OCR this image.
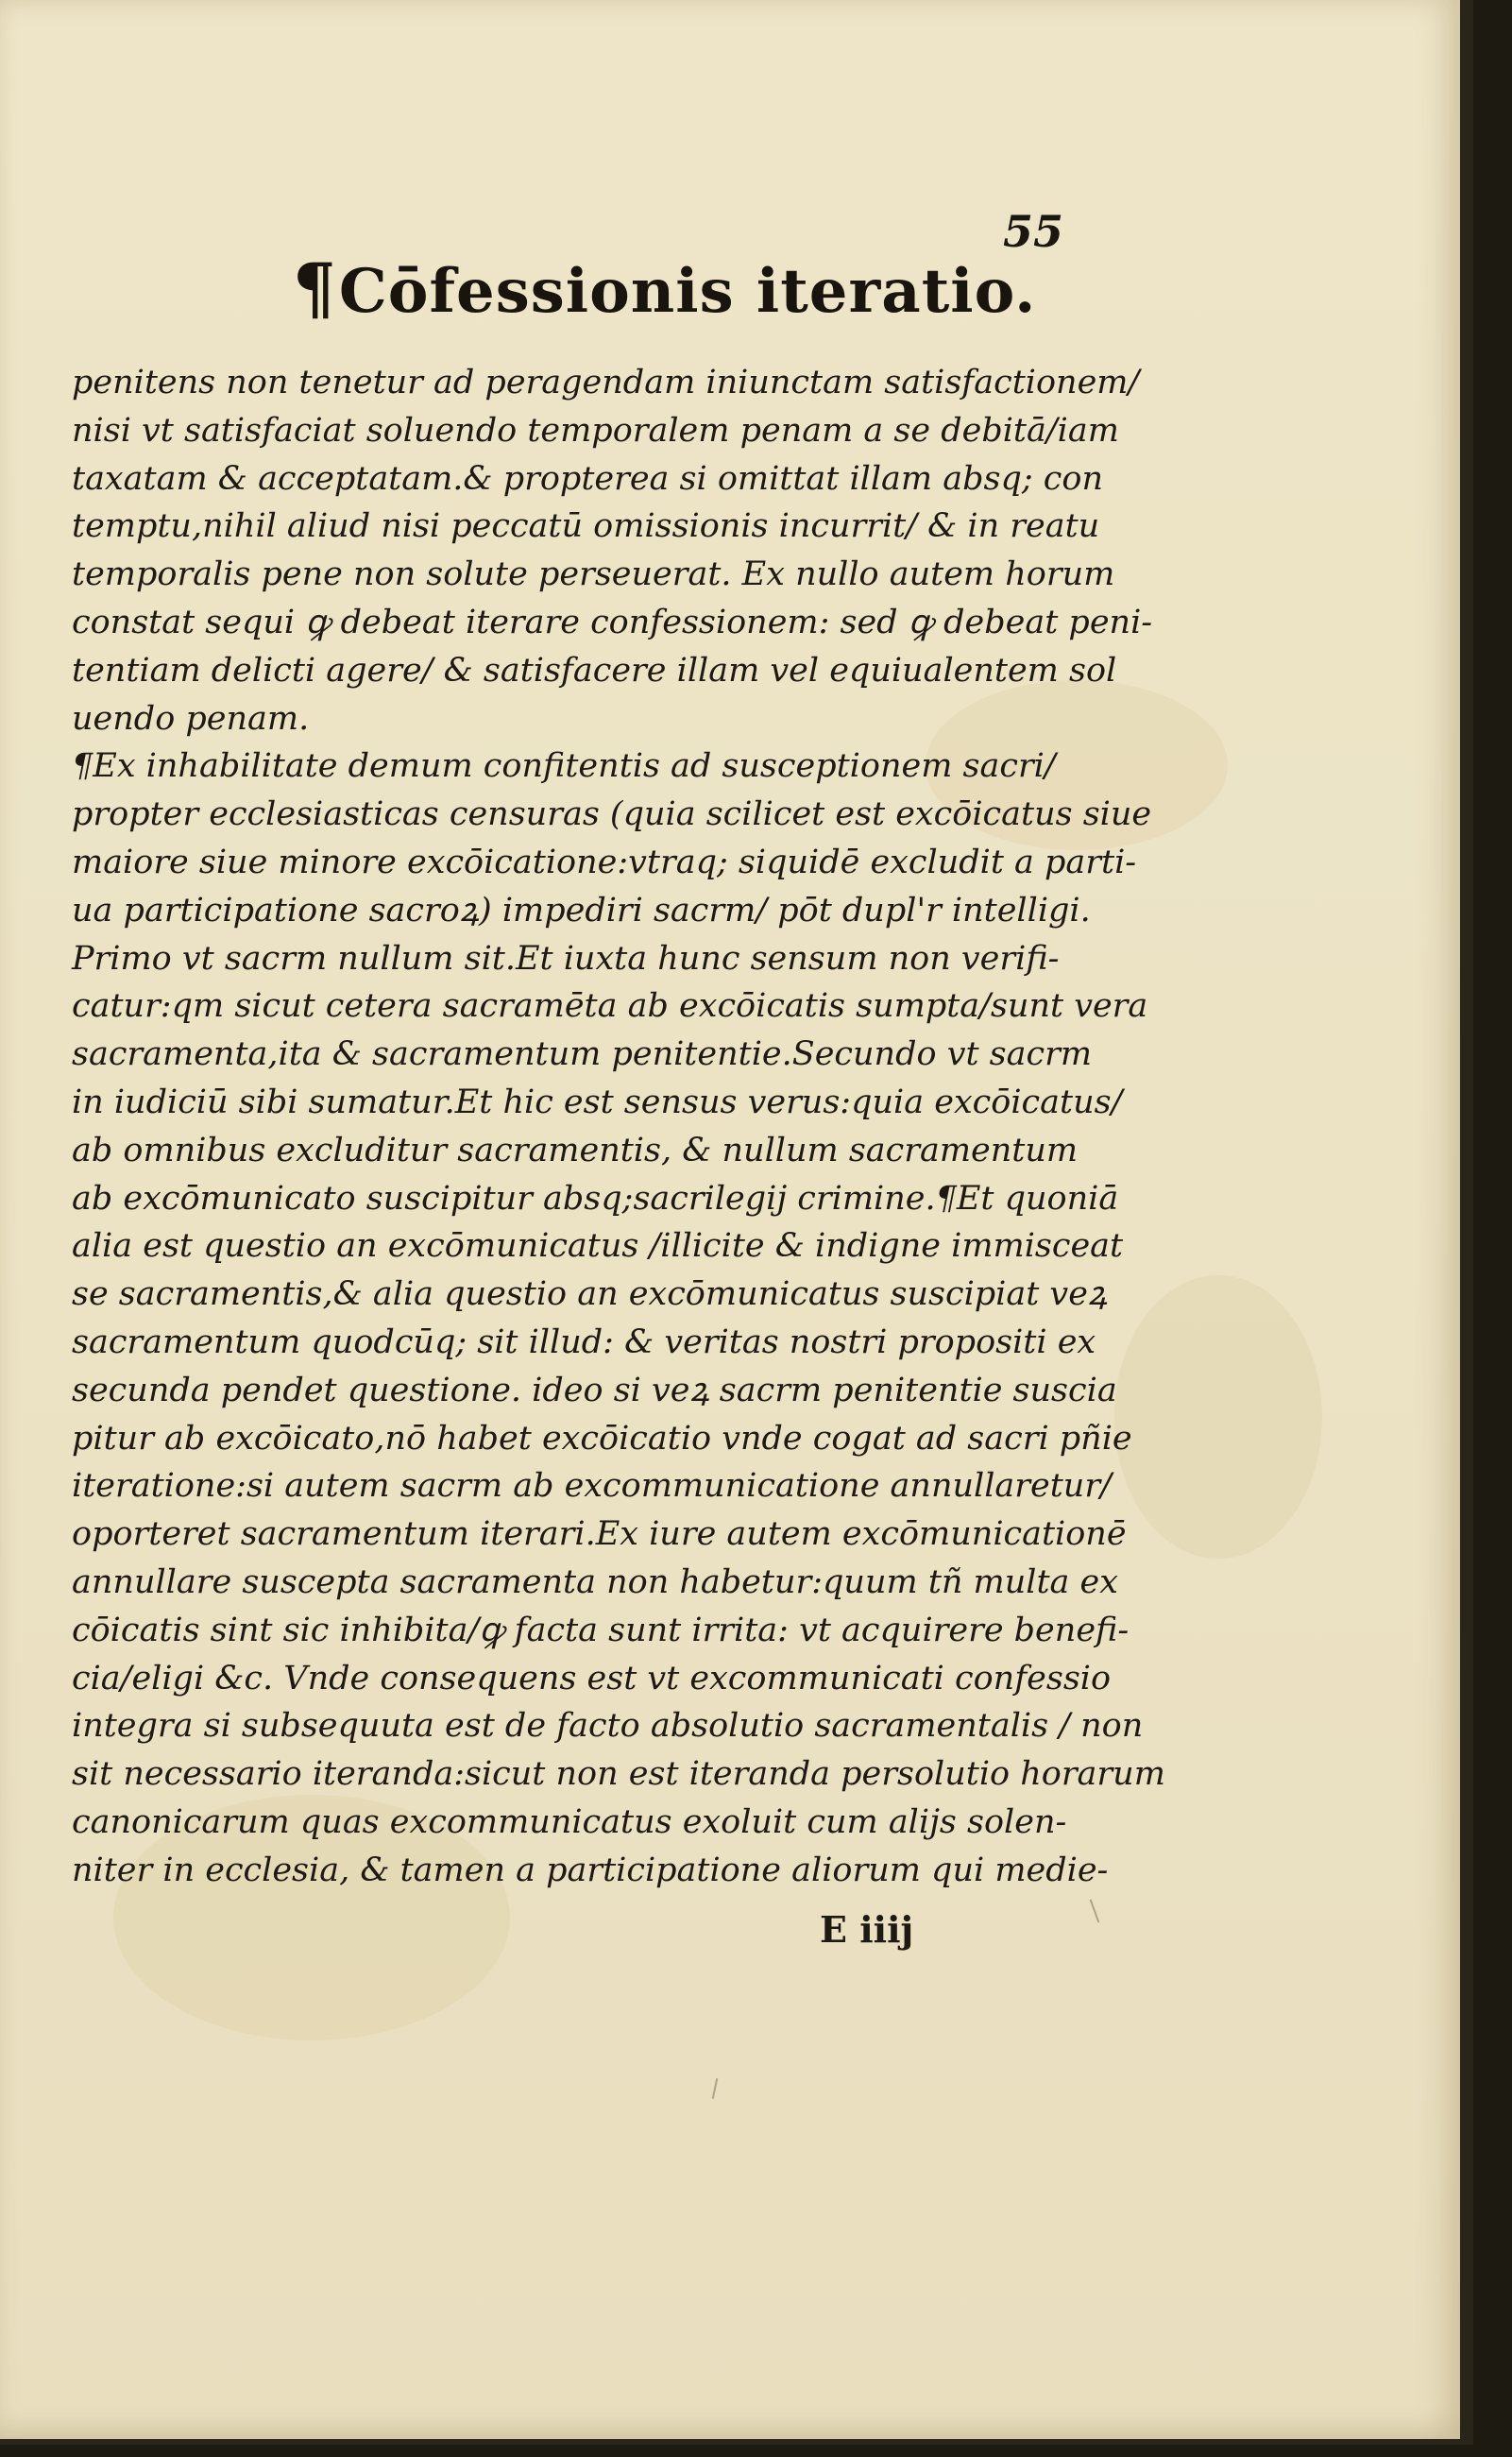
55
¶Cōfessionis iteratio.
penitens non tenetur ad peragendam iniunctam satisfactionem/
nisi vt satisfaciat soluendo temporalem penam a se debitā/iam
taxatam & acceptatam.& propterea si omittat illam absq; con
temptu,nihil aliud nisi peccatū omissionis incurrit/ & in reatu
temporalis pene non solute perseuerat. Ex nullo autem horum
constat sequi ꝙ debeat iterare confessionem: sed ꝙ debeat peni‑
tentiam delicti agere/ & satisfacere illam vel equiualentem sol
uendo penam.
¶Ex inhabilitate demum confitentis ad susceptionem sacri/
propter ecclesiasticas censuras (quia scilicet est excōicatus siue
maiore siue minore excōicatione:vtraq; siquidē excludit a parti‑
ua participatione sacroꝝ) impediri sacrm/ pōt dupl'r intelligi.
Primo vt sacrm nullum sit.Et iuxta hunc sensum non verifi‑
catur:qm sicut cetera sacramēta ab excōicatis sumpta/sunt vera
sacramenta,ita & sacramentum penitentie.Secundo vt sacrm
in iudiciū sibi sumatur.Et hic est sensus verus:quia excōicatus/
ab omnibus excluditur sacramentis, & nullum sacramentum
ab excōmunicato suscipitur absq;sacrilegij crimine.¶Et quoniā
alia est questio an excōmunicatus /illicite & indigne immisceat
se sacramentis,& alia questio an excōmunicatus suscipiat veꝝ
sacramentum quodcūq; sit illud: & veritas nostri propositi ex
secunda pendet questione. ideo si veꝝ sacrm penitentie suscia
pitur ab excōicato,nō habet excōicatio vnde cogat ad sacri pñie
iteratione:si autem sacrm ab excommunicatione annullaretur/
oporteret sacramentum iterari.Ex iure autem excōmunicationē
annullare suscepta sacramenta non habetur:quum tñ multa ex
cōicatis sint sic inhibita/ꝙ facta sunt irrita: vt acquirere benefi‑
cia/eligi &c. Vnde consequens est vt excommunicati confessio
integra si subsequuta est de facto absolutio sacramentalis / non
sit necessario iteranda:sicut non est iteranda persolutio horarum
canonicarum quas excommunicatus exoluit cum alijs solen‑
niter in ecclesia, & tamen a participatione aliorum qui medie‑
E iiij
